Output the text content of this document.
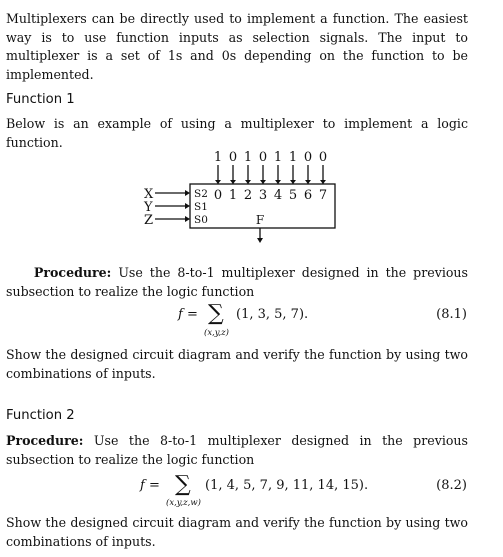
Multiplexers can be directly used to implement a function. The easiest way is to use function inputs as selection signals. The input to multiplexer is a set of 1s and 0s depending on the function to be implemented.
Function 1
Below is an example of using a multiplexer to implement a logic function.
1 0 1 0 1 1 0 0
0 1 2 3 4 5 6 7
S2
S1
S0
X
Y
Z	F
Procedure: Use the 8-to-1 multiplexer designed in the previous subsection to realize the logic function
f = ∑
(x,y,z)
(1, 3, 5, 7).	(8.1)
Show the designed circuit diagram and verify the function by using two combinations of inputs.
Function 2
Procedure: Use the 8-to-1 multiplexer designed in the previous subsection to realize the logic function
f = ∑
(x,y,z,w)
(1, 4, 5, 7, 9, 11, 14, 15).	(8.2)
Show the designed circuit diagram and verify the function by using two combinations of inputs.
